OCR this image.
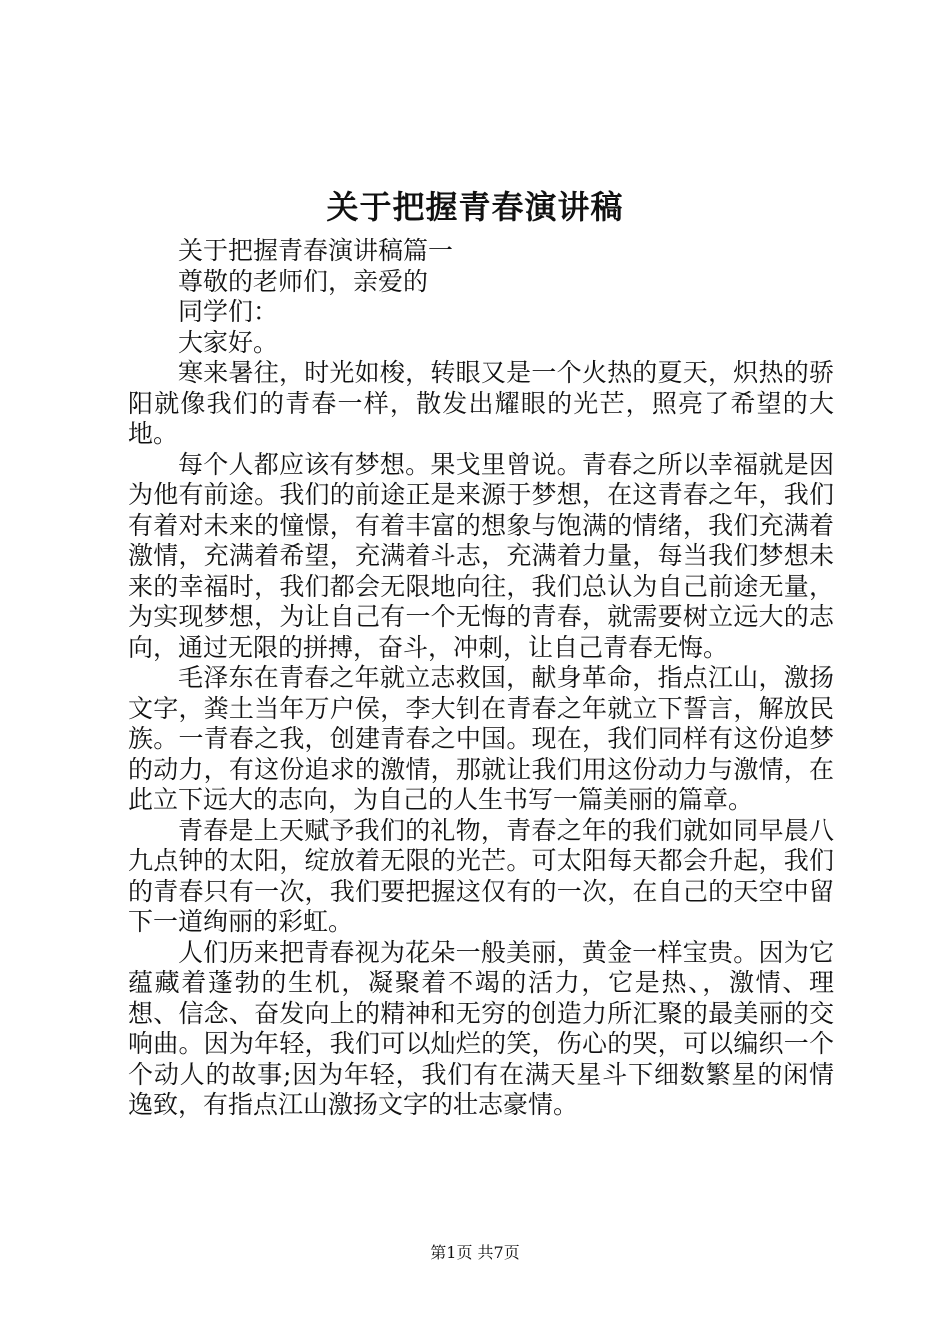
关于把握青春演讲稿

关于把握青春演讲稿篇一

尊敬的老师们，亲爱的

同学们：

大家好。

寒来暑往，时光如梭，转眼又是一个火热的夏天，炽热的骄阳就像我们的青春一样，散发出耀眼的光芒，照亮了希望的大地。

每个人都应该有梦想。果戈里曾说。青春之所以幸福就是因为他有前途。我们的前途正是来源于梦想，在这青春之年，我们有着对未来的憧憬，有着丰富的想象与饱满的情绪，我们充满着激情，充满着希望，充满着斗志，充满着力量，每当我们梦想未来的幸福时，我们都会无限地向往，我们总认为自己前途无量，为实现梦想，为让自己有一个无悔的青春，就需要树立远大的志向，通过无限的拼搏，奋斗，冲刺，让自己青春无悔。

毛泽东在青春之年就立志救国，献身革命，指点江山，激扬文字，粪土当年万户侯，李大钊在青春之年就立下誓言，解放民族。一青春之我，创建青春之中国。现在，我们同样有这份追梦的动力，有这份追求的激情，那就让我们用这份动力与激情，在此立下远大的志向，为自己的人生书写一篇美丽的篇章。

青春是上天赋予我们的礼物，青春之年的我们就如同早晨八九点钟的太阳，绽放着无限的光芒。可太阳每天都会升起，我们的青春只有一次，我们要把握这仅有的一次，在自己的天空中留下一道绚丽的彩虹。

人们历来把青春视为花朵一般美丽，黄金一样宝贵。因为它蕴藏着蓬勃的生机，凝聚着不竭的活力，它是热、，激情、理想、信念、奋发向上的精神和无穷的创造力所汇聚的最美丽的交响曲。因为年轻，我们可以灿烂的笑，伤心的哭，可以编织一个个动人的故事;因为年轻，我们有在满天星斗下细数繁星的闲情逸致，有指点江山激扬文字的壮志豪情。

第1页 共7页
